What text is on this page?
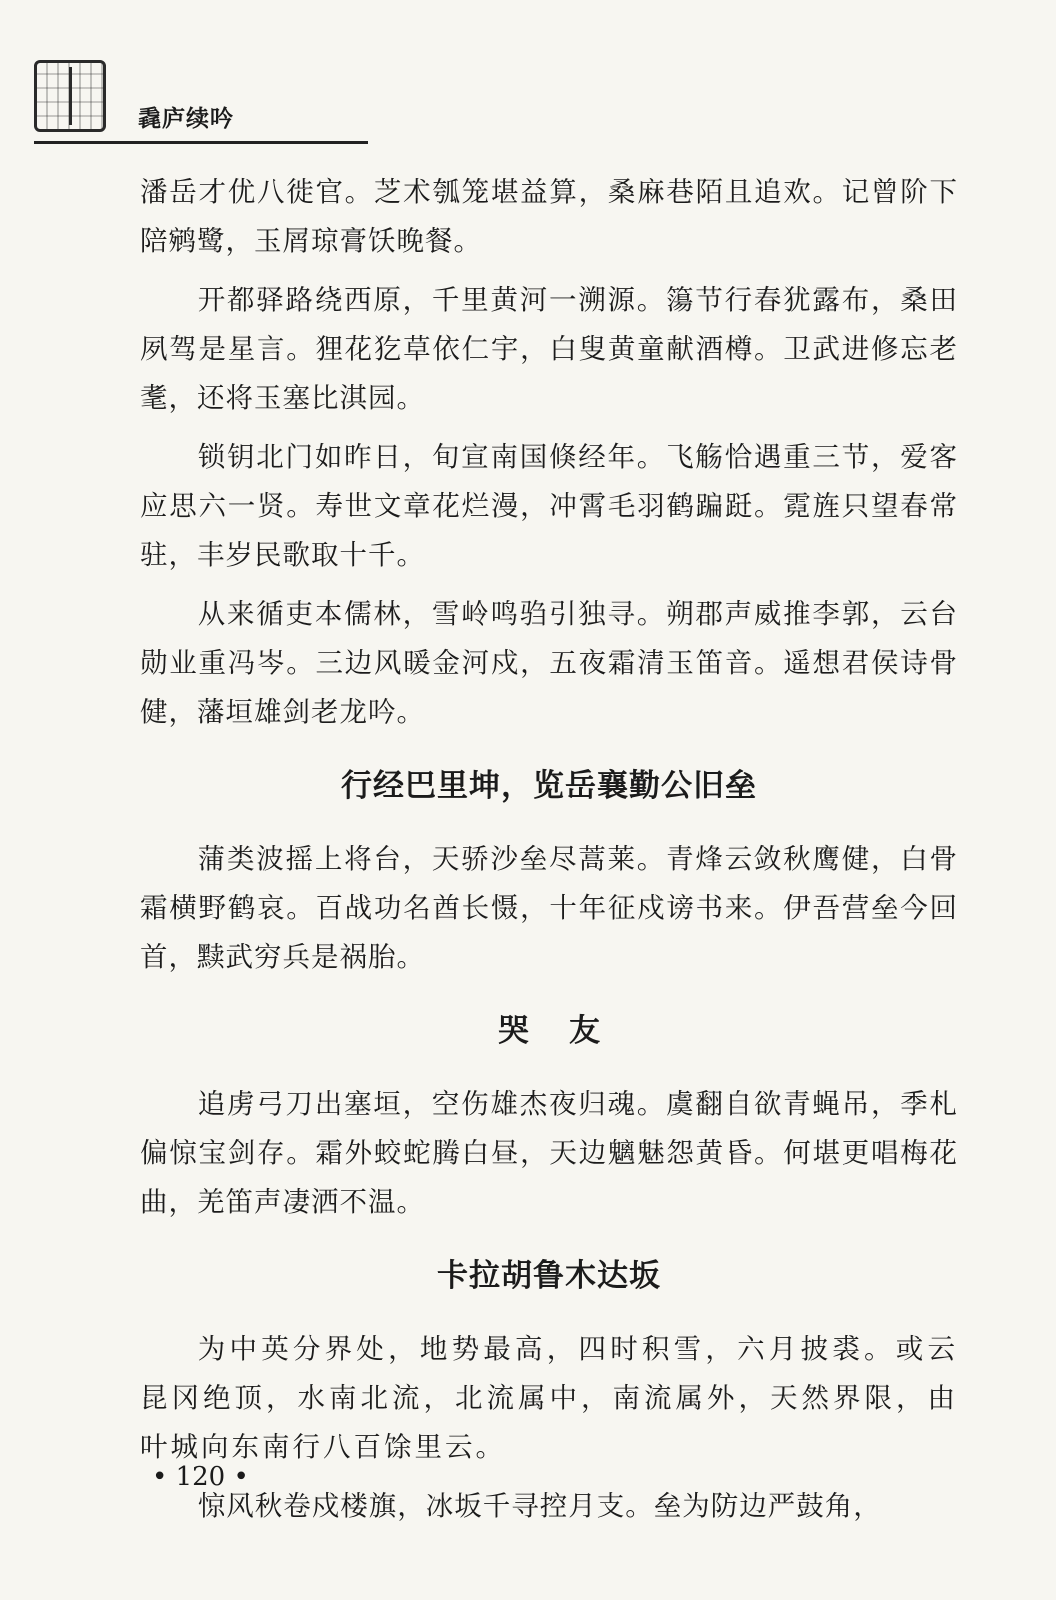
毳庐续吟

潘岳才优八徙官。芝术瓠笼堪益算，桑麻巷陌且追欢。记曾阶下陪鹓鹭，玉屑琼膏饫晚餐。

开都驿路绕西原，千里黄河一溯源。簜节行春犹露布，桑田夙驾是星言。狸花犵草依仁宇，白叟黄童献酒樽。卫武进修忘老耄，还将玉塞比淇园。

锁钥北门如昨日，旬宣南国倏经年。飞觞恰遇重三节，爱客应思六一贤。寿世文章花烂漫，冲霄毛羽鹤蹁跹。霓旌只望春常驻，丰岁民歌取十千。

从来循吏本儒林，雪岭鸣驺引独寻。朔郡声威推李郭，云台勋业重冯岑。三边风暖金河戍，五夜霜清玉笛音。遥想君侯诗骨健，藩垣雄剑老龙吟。

行经巴里坤，览岳襄勤公旧垒

蒲类波摇上将台，天骄沙垒尽蒿莱。青烽云敛秋鹰健，白骨霜横野鹤哀。百战功名酋长慑，十年征戍谤书来。伊吾营垒今回首，黩武穷兵是祸胎。

哭友

追虏弓刀出塞垣，空伤雄杰夜归魂。虞翻自欲青蝇吊，季札偏惊宝剑存。霜外蛟蛇腾白昼，天边魑魅怨黄昏。何堪更唱梅花曲，羌笛声凄洒不温。

卡拉胡鲁木达坂

为中英分界处，地势最高，四时积雪，六月披裘。或云昆冈绝顶，水南北流，北流属中，南流属外，天然界限，由叶城向东南行八百馀里云。

惊风秋卷戍楼旗，冰坂千寻控月支。垒为防边严鼓角，

• 120 •
